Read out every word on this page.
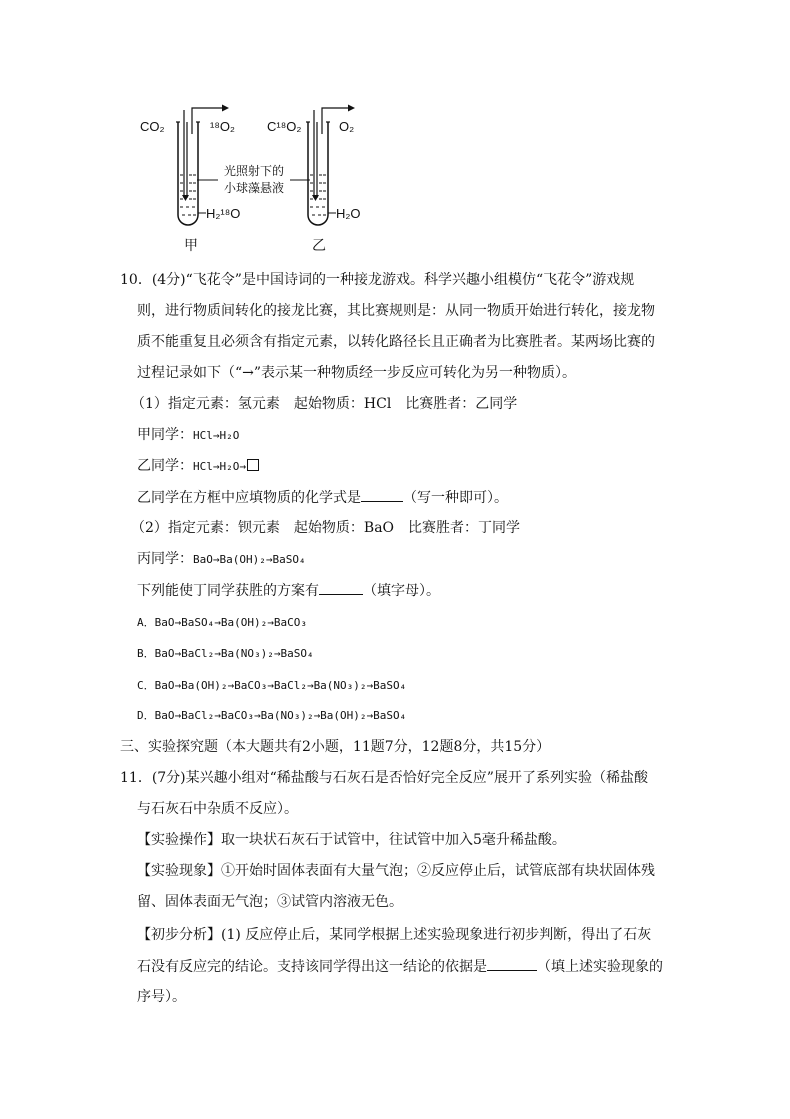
CO₂	¹⁸O₂ C¹⁸O₂	O₂
光照射下的
小球藻悬液
H₂¹⁸O	H₂O
甲	乙
10．(4分)“飞花令”是中国诗词的一种接龙游戏。科学兴趣小组模仿“飞花令”游戏规
则，进行物质间转化的接龙比赛，其比赛规则是：从同一物质开始进行转化，接龙物
质不能重复且必须含有指定元素，以转化路径长且正确者为比赛胜者。某两场比赛的
过程记录如下（“→”表示某一种物质经一步反应可转化为另一种物质）。
（1）指定元素：氢元素　起始物质：HCl　比赛胜者：乙同学
甲同学：HCl→H₂O
乙同学：HCl→H₂O→
乙同学在方框中应填物质的化学式是	（写一种即可）。
（2）指定元素：钡元素　起始物质：BaO　比赛胜者：丁同学
丙同学：BaO→Ba(OH)₂→BaSO₄
下列能使丁同学获胜的方案有	（填字母）。
A．BaO→BaSO₄→Ba(OH)₂→BaCO₃
B．BaO→BaCl₂→Ba(NO₃)₂→BaSO₄
C．BaO→Ba(OH)₂→BaCO₃→BaCl₂→Ba(NO₃)₂→BaSO₄
D．BaO→BaCl₂→BaCO₃→Ba(NO₃)₂→Ba(OH)₂→BaSO₄
三、实验探究题（本大题共有2小题，11题7分，12题8分，共15分）
11．(7分)某兴趣小组对“稀盐酸与石灰石是否恰好完全反应”展开了系列实验（稀盐酸
与石灰石中杂质不反应）。
【实验操作】取一块状石灰石于试管中，往试管中加入5毫升稀盐酸。
【实验现象】①开始时固体表面有大量气泡；②反应停止后，试管底部有块状固体残
留、固体表面无气泡；③试管内溶液无色。
【初步分析】(1) 反应停止后，某同学根据上述实验现象进行初步判断，得出了石灰
石没有反应完的结论。支持该同学得出这一结论的依据是	（填上述实验现象的
序号）。
